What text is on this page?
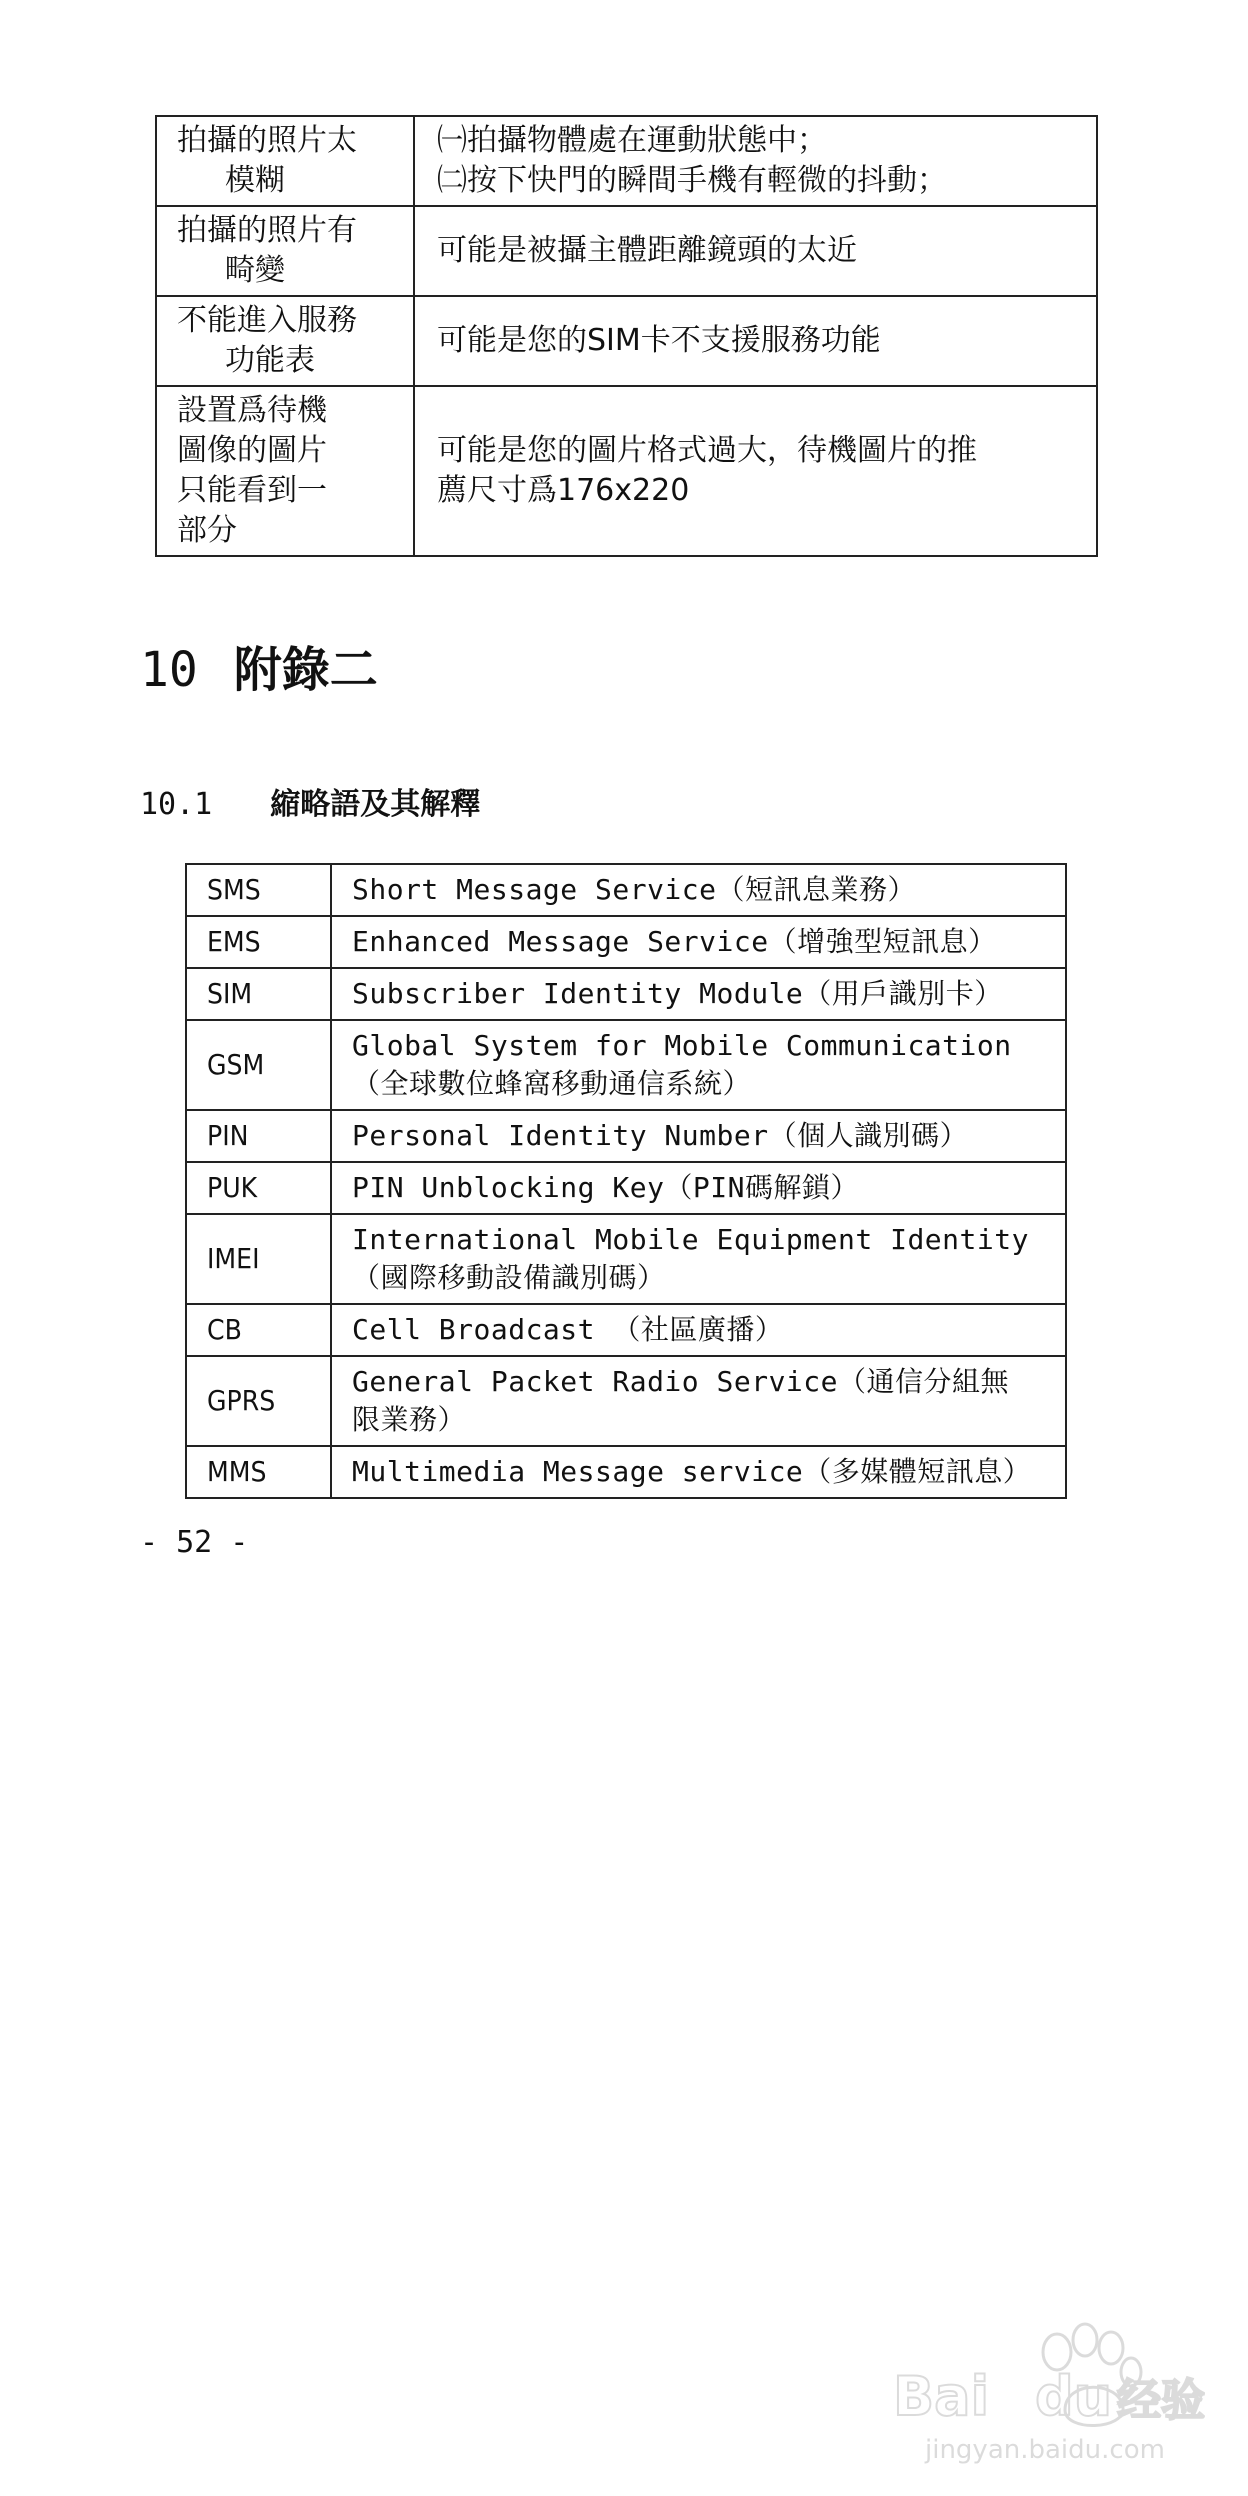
拍攝的照片太
模糊	㈠拍攝物體處在運動狀態中；
㈡按下快門的瞬間手機有輕微的抖動；

拍攝的照片有
畸變	可能是被攝主體距離鏡頭的太近

不能進入服務
功能表	可能是您的SIM卡不支援服務功能

設置爲待機
圖像的圖片
只能看到一
部分	可能是您的圖片格式過大，待機圖片的推
薦尺寸爲176x220
10 附錄二
10.1 縮略語及其解釋
SMS	Short Message Service（短訊息業務）

EMS	Enhanced Message Service（增強型短訊息）

SIM	Subscriber Identity Module（用戶識別卡）

GSM	Global System for Mobile Communication
（全球數位蜂窩移動通信系統）

PIN	Personal Identity Number（個人識別碼）

PUK	PIN Unblocking Key（PIN碼解鎖）

IMEI	International Mobile Equipment Identity
（國際移動設備識別碼）

CB	Cell Broadcast （社區廣播）

GPRS	General Packet Radio Service（通信分組無
限業務）

MMS	Multimedia Message service（多媒體短訊息）
- 52 -
Bai du 经验
jingyan.baidu.com
